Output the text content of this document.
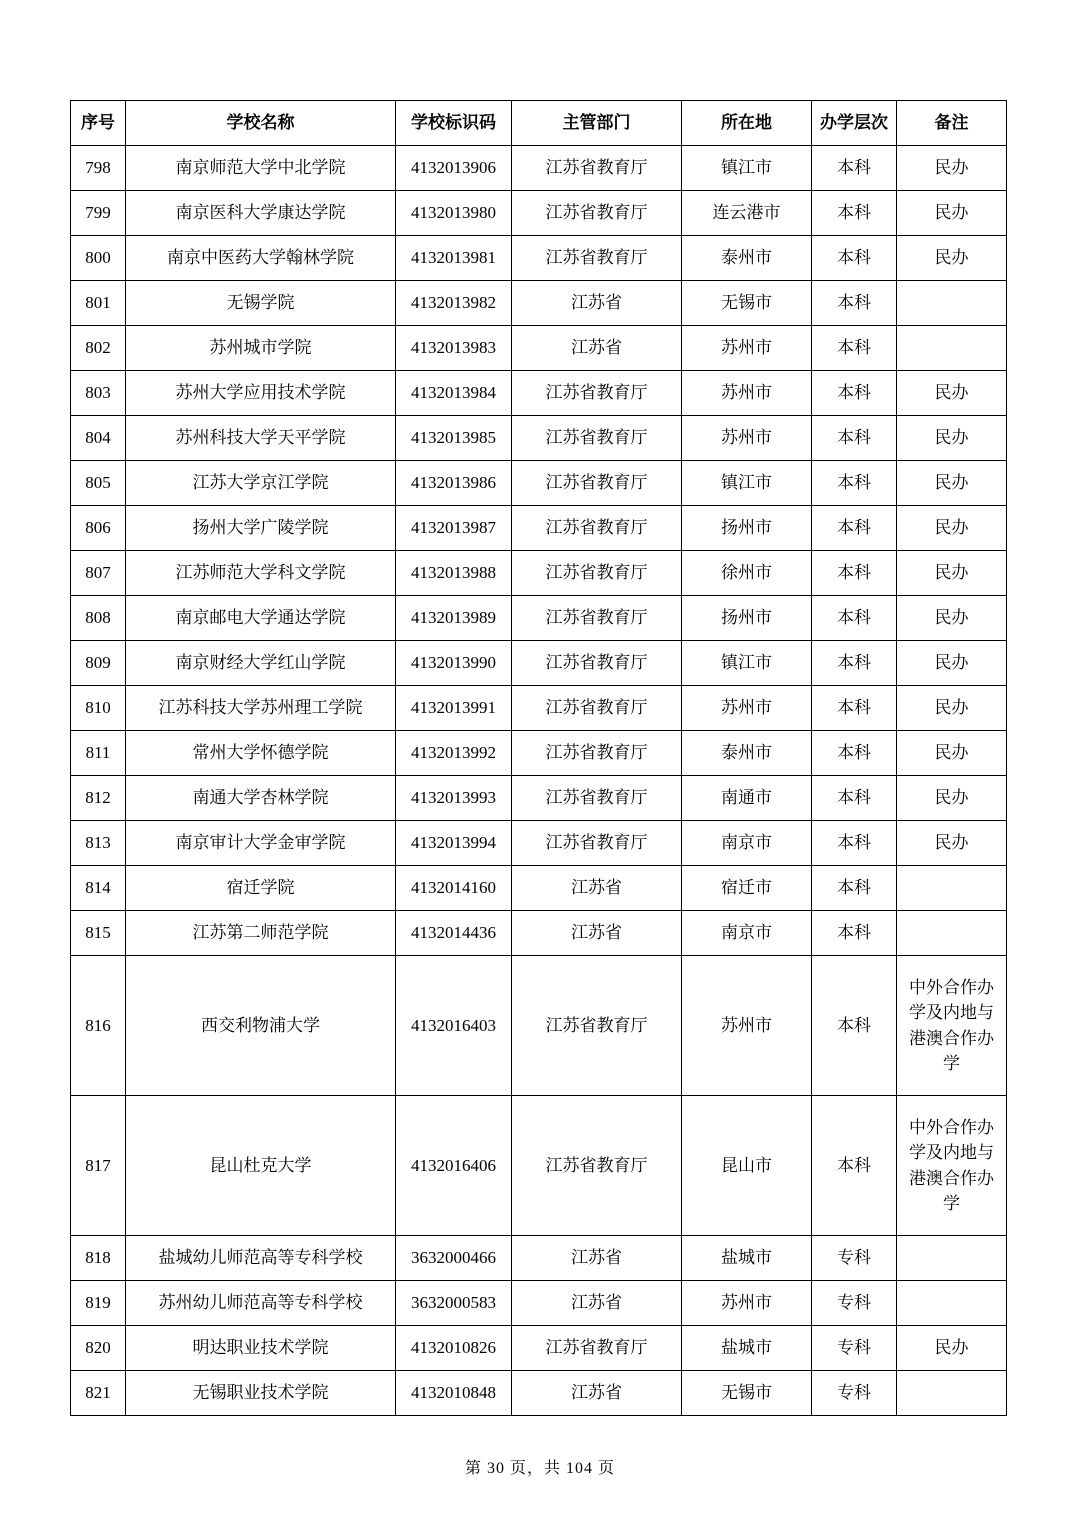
序号	学校名称	学校标识码	主管部门	所在地	办学层次	备注
798	南京师范大学中北学院	4132013906	江苏省教育厅	镇江市	本科	民办
799	南京医科大学康达学院	4132013980	江苏省教育厅	连云港市	本科	民办
800	南京中医药大学翰林学院	4132013981	江苏省教育厅	泰州市	本科	民办
801	无锡学院	4132013982	江苏省	无锡市	本科	
802	苏州城市学院	4132013983	江苏省	苏州市	本科	
803	苏州大学应用技术学院	4132013984	江苏省教育厅	苏州市	本科	民办
804	苏州科技大学天平学院	4132013985	江苏省教育厅	苏州市	本科	民办
805	江苏大学京江学院	4132013986	江苏省教育厅	镇江市	本科	民办
806	扬州大学广陵学院	4132013987	江苏省教育厅	扬州市	本科	民办
807	江苏师范大学科文学院	4132013988	江苏省教育厅	徐州市	本科	民办
808	南京邮电大学通达学院	4132013989	江苏省教育厅	扬州市	本科	民办
809	南京财经大学红山学院	4132013990	江苏省教育厅	镇江市	本科	民办
810	江苏科技大学苏州理工学院	4132013991	江苏省教育厅	苏州市	本科	民办
811	常州大学怀德学院	4132013992	江苏省教育厅	泰州市	本科	民办
812	南通大学杏林学院	4132013993	江苏省教育厅	南通市	本科	民办
813	南京审计大学金审学院	4132013994	江苏省教育厅	南京市	本科	民办
814	宿迁学院	4132014160	江苏省	宿迁市	本科	
815	江苏第二师范学院	4132014436	江苏省	南京市	本科	
816	西交利物浦大学	4132016403	江苏省教育厅	苏州市	本科	中外合作办学及内地与港澳合作办学
817	昆山杜克大学	4132016406	江苏省教育厅	昆山市	本科	中外合作办学及内地与港澳合作办学
818	盐城幼儿师范高等专科学校	3632000466	江苏省	盐城市	专科	
819	苏州幼儿师范高等专科学校	3632000583	江苏省	苏州市	专科	
820	明达职业技术学院	4132010826	江苏省教育厅	盐城市	专科	民办
821	无锡职业技术学院	4132010848	江苏省	无锡市	专科	
第 30 页，共 104 页
